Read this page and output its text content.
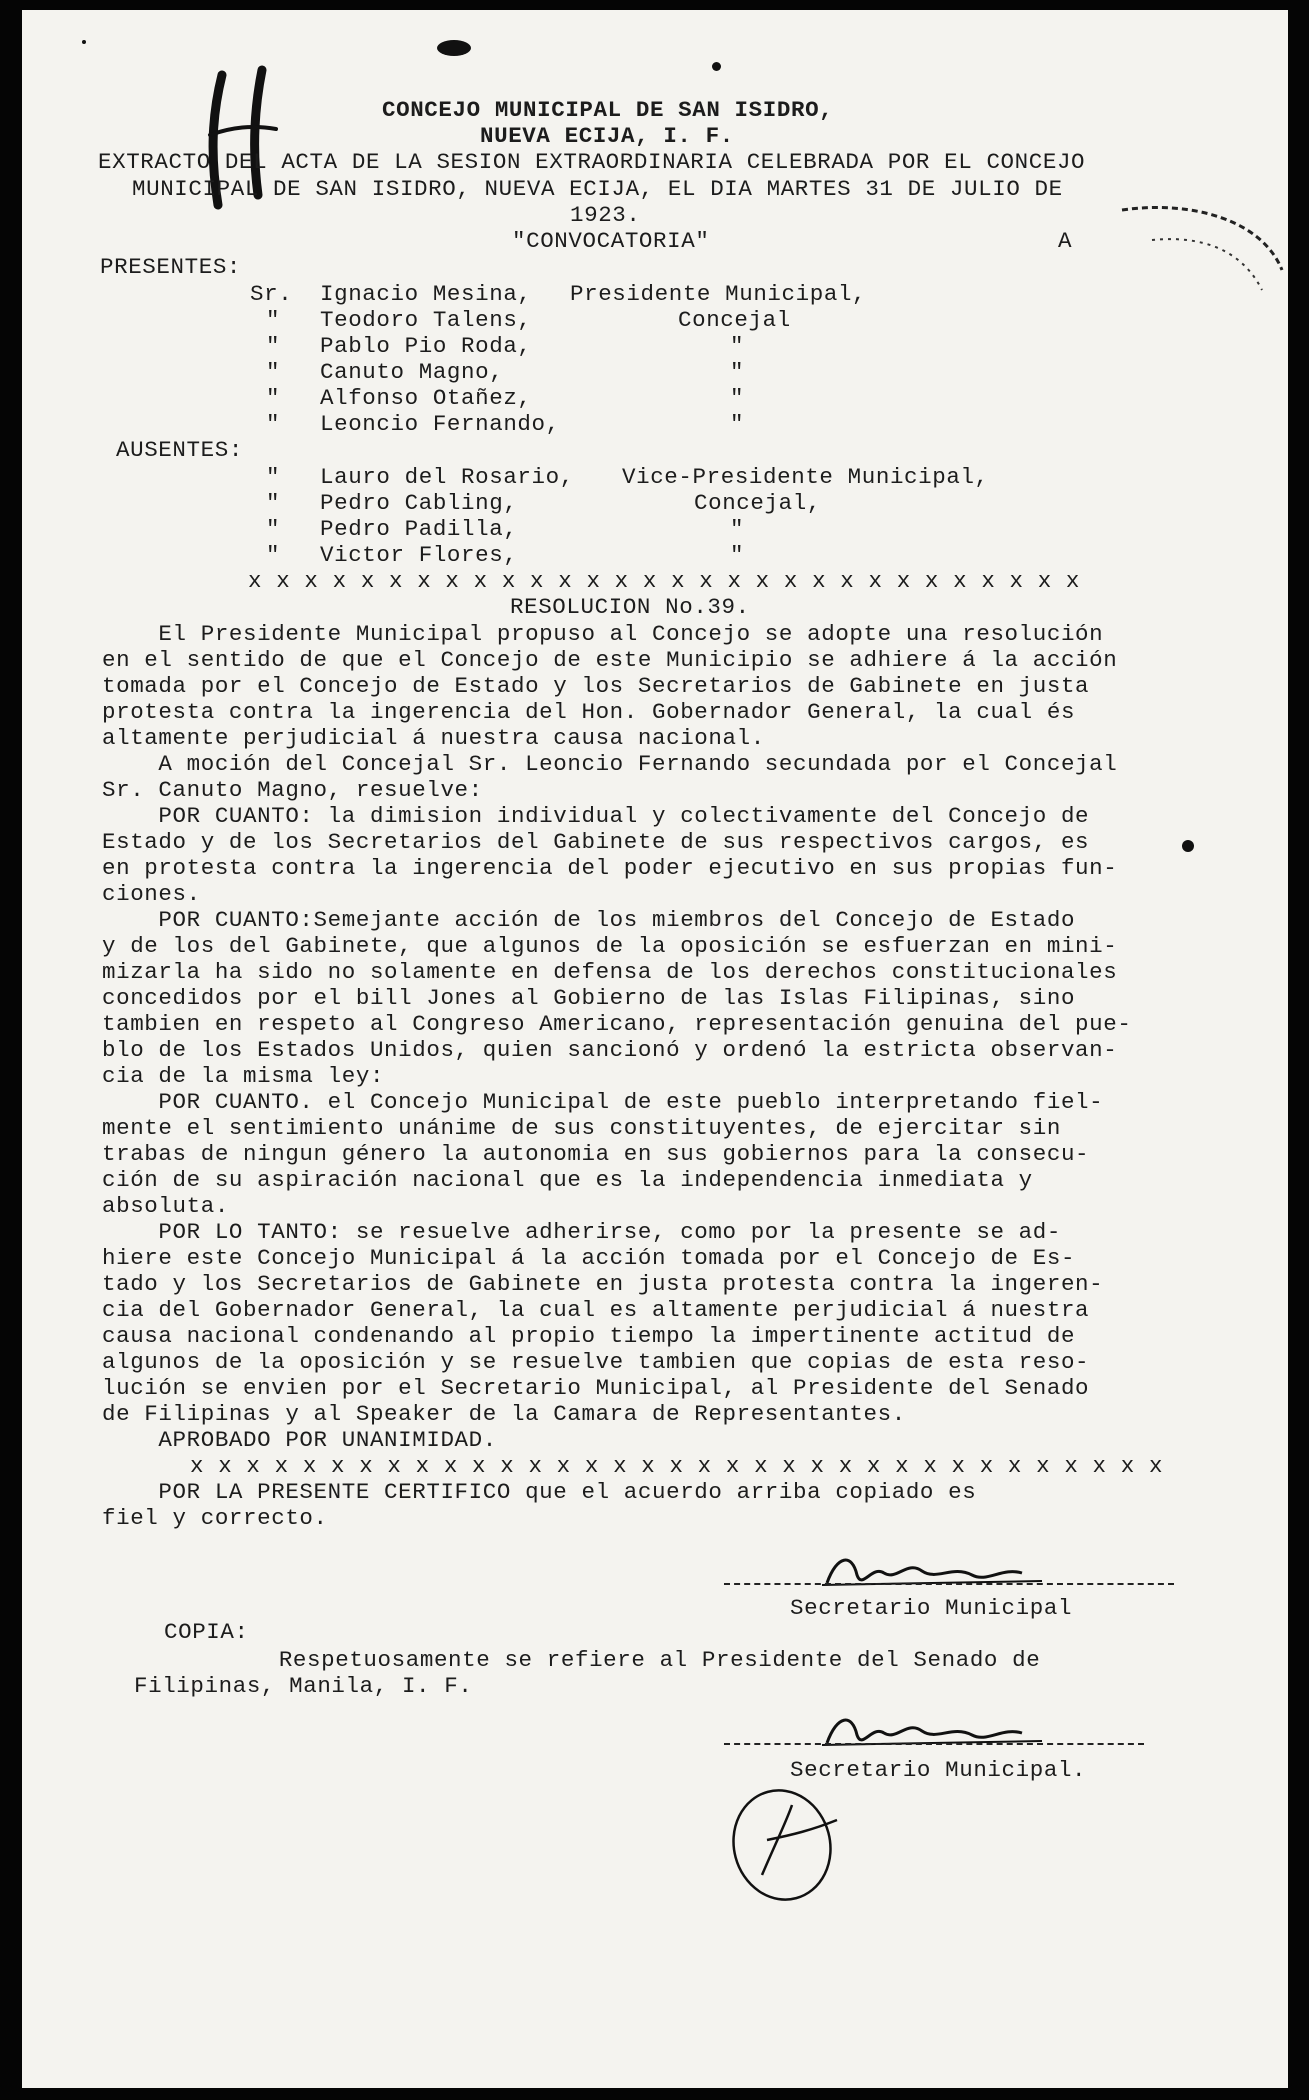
CONCEJO MUNICIPAL DE SAN ISIDRO,

NUEVA ECIJA, I. F.

EXTRACTO DEL ACTA DE LA SESION EXTRAORDINARIA CELEBRADA POR EL CONCEJO

MUNICIPAL DE SAN ISIDRO, NUEVA ECIJA, EL DIA MARTES 31 DE JULIO DE

1923.

"CONVOCATORIA"	A

PRESENTES:

Sr. Ignacio Mesina, Presidente Municipal,

" Teodoro Talens,	Concejal

" Pablo Pio Roda,	"

" Canuto Magno,	"

" Alfonso Otañez,	"

" Leoncio Fernando,	"

AUSENTES:

" Lauro del Rosario, Vice-Presidente Municipal,

" Pedro Cabling,	Concejal,

" Pedro Padilla,	"

" Victor Flores,	"

x x x x x x x x x x x x x x x x x x x x x x x x x x x x x x

RESOLUCION No.39.

El Presidente Municipal propuso al Concejo se adopte una resolución

en el sentido de que el Concejo de este Municipio se adhiere á la acción

tomada por el Concejo de Estado y los Secretarios de Gabinete en justa

protesta contra la ingerencia del Hon. Gobernador General, la cual és

altamente perjudicial á nuestra causa nacional.

A moción del Concejal Sr. Leoncio Fernando secundada por el Concejal

Sr. Canuto Magno, resuelve:

POR CUANTO: la dimision individual y colectivamente del Concejo de

Estado y de los Secretarios del Gabinete de sus respectivos cargos, es

en protesta contra la ingerencia del poder ejecutivo en sus propias fun-

ciones.

POR CUANTO:Semejante acción de los miembros del Concejo de Estado

y de los del Gabinete, que algunos de la oposición se esfuerzan en mini-

mizarla ha sido no solamente en defensa de los derechos constitucionales

concedidos por el bill Jones al Gobierno de las Islas Filipinas, sino

tambien en respeto al Congreso Americano, representación genuina del pue-

blo de los Estados Unidos, quien sancionó y ordenó la estricta observan-

cia de la misma ley:

POR CUANTO. el Concejo Municipal de este pueblo interpretando fiel-

mente el sentimiento unánime de sus constituyentes, de ejercitar sin

trabas de ningun género la autonomia en sus gobiernos para la consecu-

ción de su aspiración nacional que es la independencia inmediata y

absoluta.

POR LO TANTO: se resuelve adherirse, como por la presente se ad-

hiere este Concejo Municipal á la acción tomada por el Concejo de Es-

tado y los Secretarios de Gabinete en justa protesta contra la ingeren-

cia del Gobernador General, la cual es altamente perjudicial á nuestra

causa nacional condenando al propio tiempo la impertinente actitud de

algunos de la oposición y se resuelve tambien que copias de esta reso-

lución se envien por el Secretario Municipal, al Presidente del Senado

de Filipinas y al Speaker de la Camara de Representantes.

APROBADO POR UNANIMIDAD.

x x x x x x x x x x x x x x x x x x x x x x x x x x x x x x x x x x x

POR LA PRESENTE CERTIFICO que el acuerdo arriba copiado es

fiel y correcto.

Secretario Municipal

COPIA:

Respetuosamente se refiere al Presidente del Senado de

Filipinas, Manila, I. F.

Secretario Municipal.
